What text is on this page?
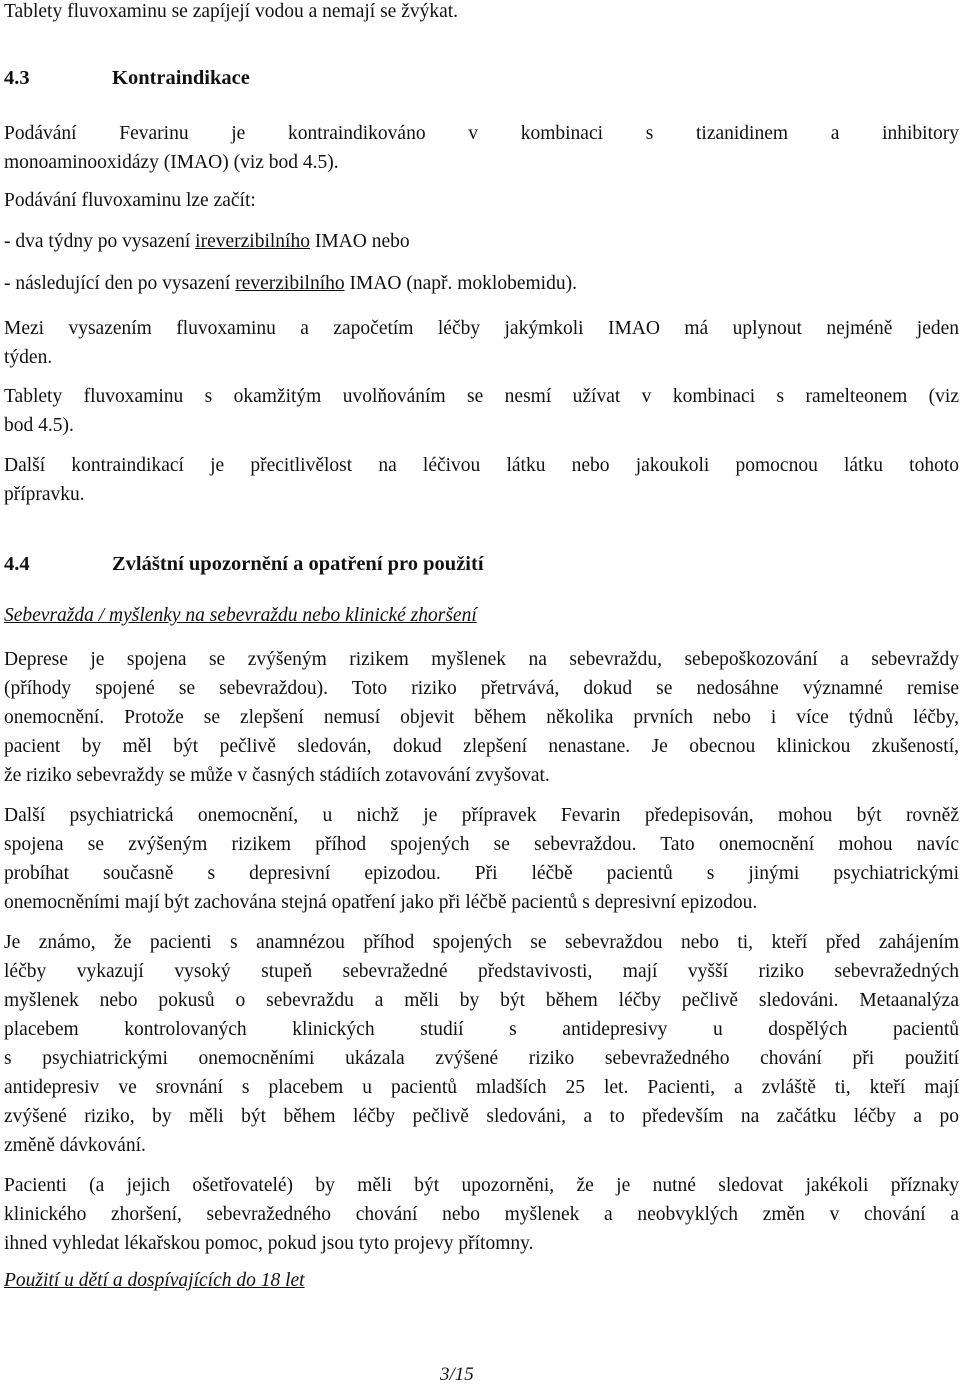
Tablety fluvoxaminu se zapíjejí vodou a nemají se žvýkat.

4.3	Kontraindikace
Podávání Fevarinu je kontraindikováno v kombinaci s tizanidinem a inhibitory
monoaminooxidázy (IMAO) (viz bod 4.5).

Podávání fluvoxaminu lze začít:

- dva týdny po vysazení ireverzibilního IMAO nebo

- následující den po vysazení reverzibilního IMAO (např. moklobemidu).

Mezi vysazením fluvoxaminu a započetím léčby jakýmkoli IMAO má uplynout nejméně jeden
týden.
Tablety fluvoxaminu s okamžitým uvolňováním se nesmí užívat v kombinaci s ramelteonem (viz
bod 4.5).
Další kontraindikací je přecitlivělost na léčivou látku nebo jakoukoli pomocnou látku tohoto
přípravku.
4.4	Zvláštní upozornění a opatření pro použití

Sebevražda / myšlenky na sebevraždu nebo klinické zhoršení

Deprese je spojena se zvýšeným rizikem myšlenek na sebevraždu, sebepoškozování a sebevraždy
(příhody spojené se sebevraždou). Toto riziko přetrvává, dokud se nedosáhne významné remise
onemocnění. Protože se zlepšení nemusí objevit během několika prvních nebo i více týdnů léčby,
pacient by měl být pečlivě sledován, dokud zlepšení nenastane. Je obecnou klinickou zkušeností,
že riziko sebevraždy se může v časných stádiích zotavování zvyšovat.
Další psychiatrická onemocnění, u nichž je přípravek Fevarin předepisován, mohou být rovněž
spojena se zvýšeným rizikem příhod spojených se sebevraždou. Tato onemocnění mohou navíc
probíhat současně s depresivní epizodou. Při léčbě pacientů s jinými psychiatrickými
onemocněními mají být zachována stejná opatření jako při léčbě pacientů s depresivní epizodou.
Je známo, že pacienti s anamnézou příhod spojených se sebevraždou nebo ti, kteří před zahájením
léčby vykazují vysoký stupeň sebevražedné představivosti, mají vyšší riziko sebevražedných
myšlenek nebo pokusů o sebevraždu a měli by být během léčby pečlivě sledováni. Metaanalýza
placebem kontrolovaných klinických studií s antidepresivy u dospělých pacientů
s psychiatrickými onemocněními ukázala zvýšené riziko sebevražedného chování při použití
antidepresiv ve srovnání s placebem u pacientů mladších 25 let. Pacienti, a zvláště ti, kteří mají
zvýšené riziko, by měli být během léčby pečlivě sledováni, a to především na začátku léčby a po
změně dávkování.
Pacienti (a jejich ošetřovatelé) by měli být upozorněni, že je nutné sledovat jakékoli příznaky
klinického zhoršení, sebevražedného chování nebo myšlenek a neobvyklých změn v chování a
ihned vyhledat lékařskou pomoc, pokud jsou tyto projevy přítomny.

Použití u dětí a dospívajících do 18 let

3/15
